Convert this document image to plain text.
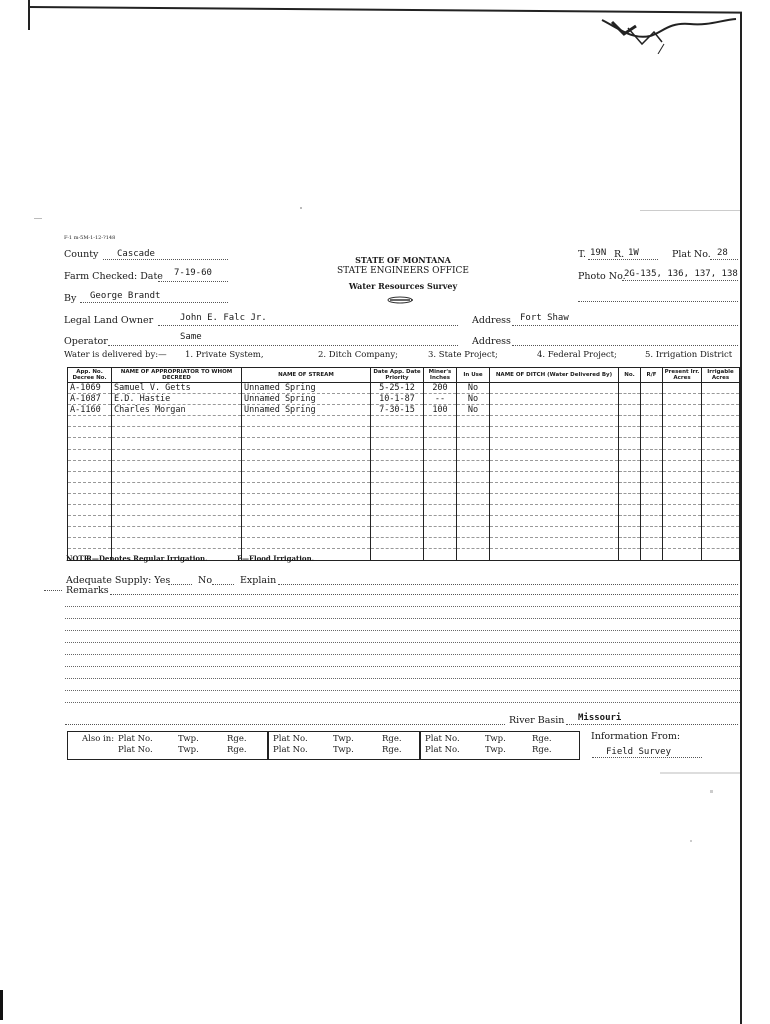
F-1 m-5M-1-12-?148
County Cascade
Farm Checked: Date 7-19-60
By George Brandt
STATE OF MONTANA
STATE ENGINEERS OFFICE
Water Resources Survey
T. 19N R. 1W	Plat No. 28
Photo No.
2G-135, 136, 137, 138
Legal Land Owner	John E. Falc Jr.	Address Fort Shaw
Operator	Same	Address
Water is delivered by:— 1. Private System,	2. Ditch Company;	3. State Project;	4. Federal Project;	5. Irrigation District
App. No. Decree No.	NAME OF APPROPRIATOR TO WHOM DECREED	NAME OF STREAM	Date App. Date Priority	Miner's Inches	In Use	NAME OF DITCH (Water Delivered By)	No.	R/F	Present Irr. Acres	Irrigable Acres
A-1069	Samuel V. Getts	Unnamed Spring	5-25-12	200	No					
A-1087	E.D. Hastie	Unnamed Spring	10-1-87	--	No					
A-1160	Charles Morgan	Unnamed Spring	7-30-15	100	No					

NOTE:
R—Denotes Regular Irrigation.	F—Flood Irrigation.
Adequate Supply: Yes	No	Explain
Remarks
River Basin Missouri
Also in: Plat No.	Twp.	Rge.
Plat No.	Twp.	Rge.
Plat No.	Twp.	Rge.
Plat No.	Twp.	Rge.
Plat No.	Twp.	Rge.
Plat No.	Twp.	Rge.
Information From:
Field Survey
